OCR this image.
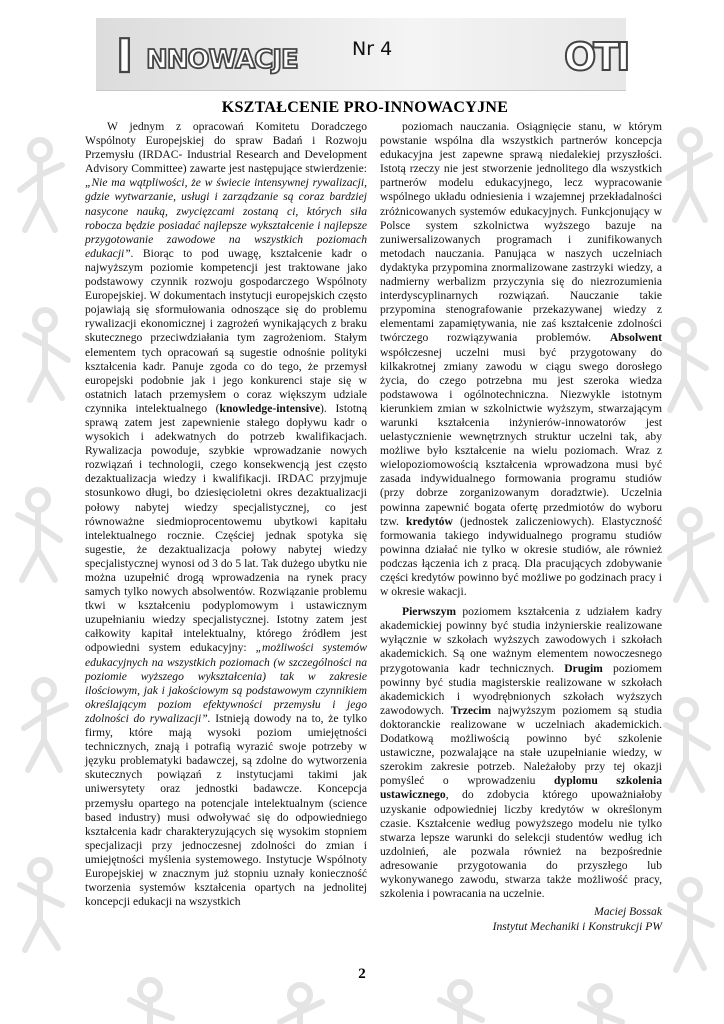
I NNOWACJE	Nr 4	OTI
KSZTAŁCENIE PRO-INNOWACYJNE

W jednym z opracowań Komitetu Doradczego Wspólnoty Europejskiej do spraw Badań i Rozwoju Przemysłu (IRDAC- Industrial Research and Development Advisory Committee) zawarte jest następujące stwierdzenie: „Nie ma wątpliwości, że w świecie intensywnej rywalizacji, gdzie wytwarzanie, usługi i zarządzanie są coraz bardziej nasycone nauką, zwycięzcami zostaną ci, których siła robocza będzie posiadać najlepsze wykształcenie i najlepsze przygotowanie zawodowe na wszystkich poziomach edukacji”. Biorąc to pod uwagę, kształcenie kadr o najwyższym poziomie kompetencji jest traktowane jako podstawowy czynnik rozwoju gospodarczego Wspólnoty Europejskiej. W dokumentach instytucji europejskich często pojawiają się sformułowania odnoszące się do problemu rywalizacji ekonomicznej i zagrożeń wynikających z braku skutecznego przeciwdziałania tym zagrożeniom. Stałym elementem tych opracowań są sugestie odnośnie polityki kształcenia kadr. Panuje zgoda co do tego, że przemysł europejski podobnie jak i jego konkurenci staje się w ostatnich latach przemysłem o coraz większym udziale czynnika intelektualnego (knowledge-intensive). Istotną sprawą zatem jest zapewnienie stałego dopływu kadr o wysokich i adekwatnych do potrzeb kwalifikacjach. Rywalizacja powoduje, szybkie wprowadzanie nowych rozwiązań i technologii, czego konsekwencją jest często dezaktualizacja wiedzy i kwalifikacji. IRDAC przyjmuje stosunkowo długi, bo dziesięcioletni okres dezaktualizacji połowy nabytej wiedzy specjalistycznej, co jest równoważne siedmioprocentowemu ubytkowi kapitału intelektualnego rocznie. Częściej jednak spotyka się sugestie, że dezaktualizacja połowy nabytej wiedzy specjalistycznej wynosi od 3 do 5 lat. Tak dużego ubytku nie można uzupełnić drogą wprowadzenia na rynek pracy samych tylko nowych absolwentów. Rozwiązanie problemu tkwi w kształceniu podyplomowym i ustawicznym uzupełnianiu wiedzy specjalistycznej. Istotny zatem jest całkowity kapitał intelektualny, którego źródłem jest odpowiedni system edukacyjny: „możliwości systemów edukacyjnych na wszystkich poziomach (w szczególności na poziomie wyższego wykształcenia) tak w zakresie ilościowym, jak i jakościowym są podstawowym czynnikiem określającym poziom efektywności przemysłu i jego zdolności do rywalizacji”. Istnieją dowody na to, że tylko firmy, które mają wysoki poziom umiejętności technicznych, znają i potrafią wyrazić swoje potrzeby w języku problematyki badawczej, są zdolne do wytworzenia skutecznych powiązań z instytucjami takimi jak uniwersytety oraz jednostki badawcze. Koncepcja przemysłu opartego na potencjale intelektualnym (science based industry) musi odwoływać się do odpowiedniego kształcenia kadr charakteryzujących się wysokim stopniem specjalizacji przy jednoczesnej zdolności do zmian i umiejętności myślenia systemowego. Instytucje Wspólnoty Europejskiej w znacznym już stopniu uznały konieczność tworzenia systemów kształcenia opartych na jednolitej koncepcji edukacji na wszystkich

poziomach nauczania. Osiągnięcie stanu, w którym powstanie wspólna dla wszystkich partnerów koncepcja edukacyjna jest zapewne sprawą niedalekiej przyszłości. Istotą rzeczy nie jest stworzenie jednolitego dla wszystkich partnerów modelu edukacyjnego, lecz wypracowanie wspólnego układu odniesienia i wzajemnej przekładalności zróżnicowanych systemów edukacyjnych. Funkcjonujący w Polsce system szkolnictwa wyższego bazuje na zuniwersalizowanych programach i zunifikowanych metodach nauczania. Panująca w naszych uczelniach dydaktyka przypomina znormalizowane zastrzyki wiedzy, a nadmierny werbalizm przyczynia się do niezrozumienia interdyscyplinarnych rozwiązań. Nauczanie takie przypomina stenografowanie przekazywanej wiedzy z elementami zapamiętywania, nie zaś kształcenie zdolności twórczego rozwiązywania problemów. Absolwent współczesnej uczelni musi być przygotowany do kilkakrotnej zmiany zawodu w ciągu swego dorosłego życia, do czego potrzebna mu jest szeroka wiedza podstawowa i ogólnotechniczna. Niezwykle istotnym kierunkiem zmian w szkolnictwie wyższym, stwarzającym warunki kształcenia inżynierów-innowatorów jest uelastycznienie wewnętrznych struktur uczelni tak, aby możliwe było kształcenie na wielu poziomach. Wraz z wielopoziomowością kształcenia wprowadzona musi być zasada indywidualnego formowania programu studiów (przy dobrze zorganizowanym doradztwie). Uczelnia powinna zapewnić bogata ofertę przedmiotów do wyboru tzw. kredytów (jednostek zaliczeniowych). Elastyczność formowania takiego indywidualnego programu studiów powinna działać nie tylko w okresie studiów, ale również podczas łączenia ich z pracą. Dla pracujących zdobywanie części kredytów powinno być możliwe po godzinach pracy i w okresie wakacji.

Pierwszym poziomem kształcenia z udziałem kadry akademickiej powinny być studia inżynierskie realizowane wyłącznie w szkołach wyższych zawodowych i szkołach akademickich. Są one ważnym elementem nowoczesnego przygotowania kadr technicznych. Drugim poziomem powinny być studia magisterskie realizowane w szkołach akademickich i wyodrębnionych szkołach wyższych zawodowych. Trzecim najwyższym poziomem są studia doktoranckie realizowane w uczelniach akademickich. Dodatkową możliwością powinno być szkolenie ustawiczne, pozwalające na stałe uzupełnianie wiedzy, w szerokim zakresie potrzeb. Należałoby przy tej okazji pomyśleć o wprowadzeniu dyplomu szkolenia ustawicznego, do zdobycia którego upoważniałoby uzyskanie odpowiedniej liczby kredytów w określonym czasie. Kształcenie według powyższego modelu nie tylko stwarza lepsze warunki do selekcji studentów według ich uzdolnień, ale pozwala również na bezpośrednie adresowanie przygotowania do przyszłego lub wykonywanego zawodu, stwarza także możliwość pracy, szkolenia i powracania na uczelnie.

Maciej Bossak
Instytut Mechaniki i Konstrukcji PW
2
